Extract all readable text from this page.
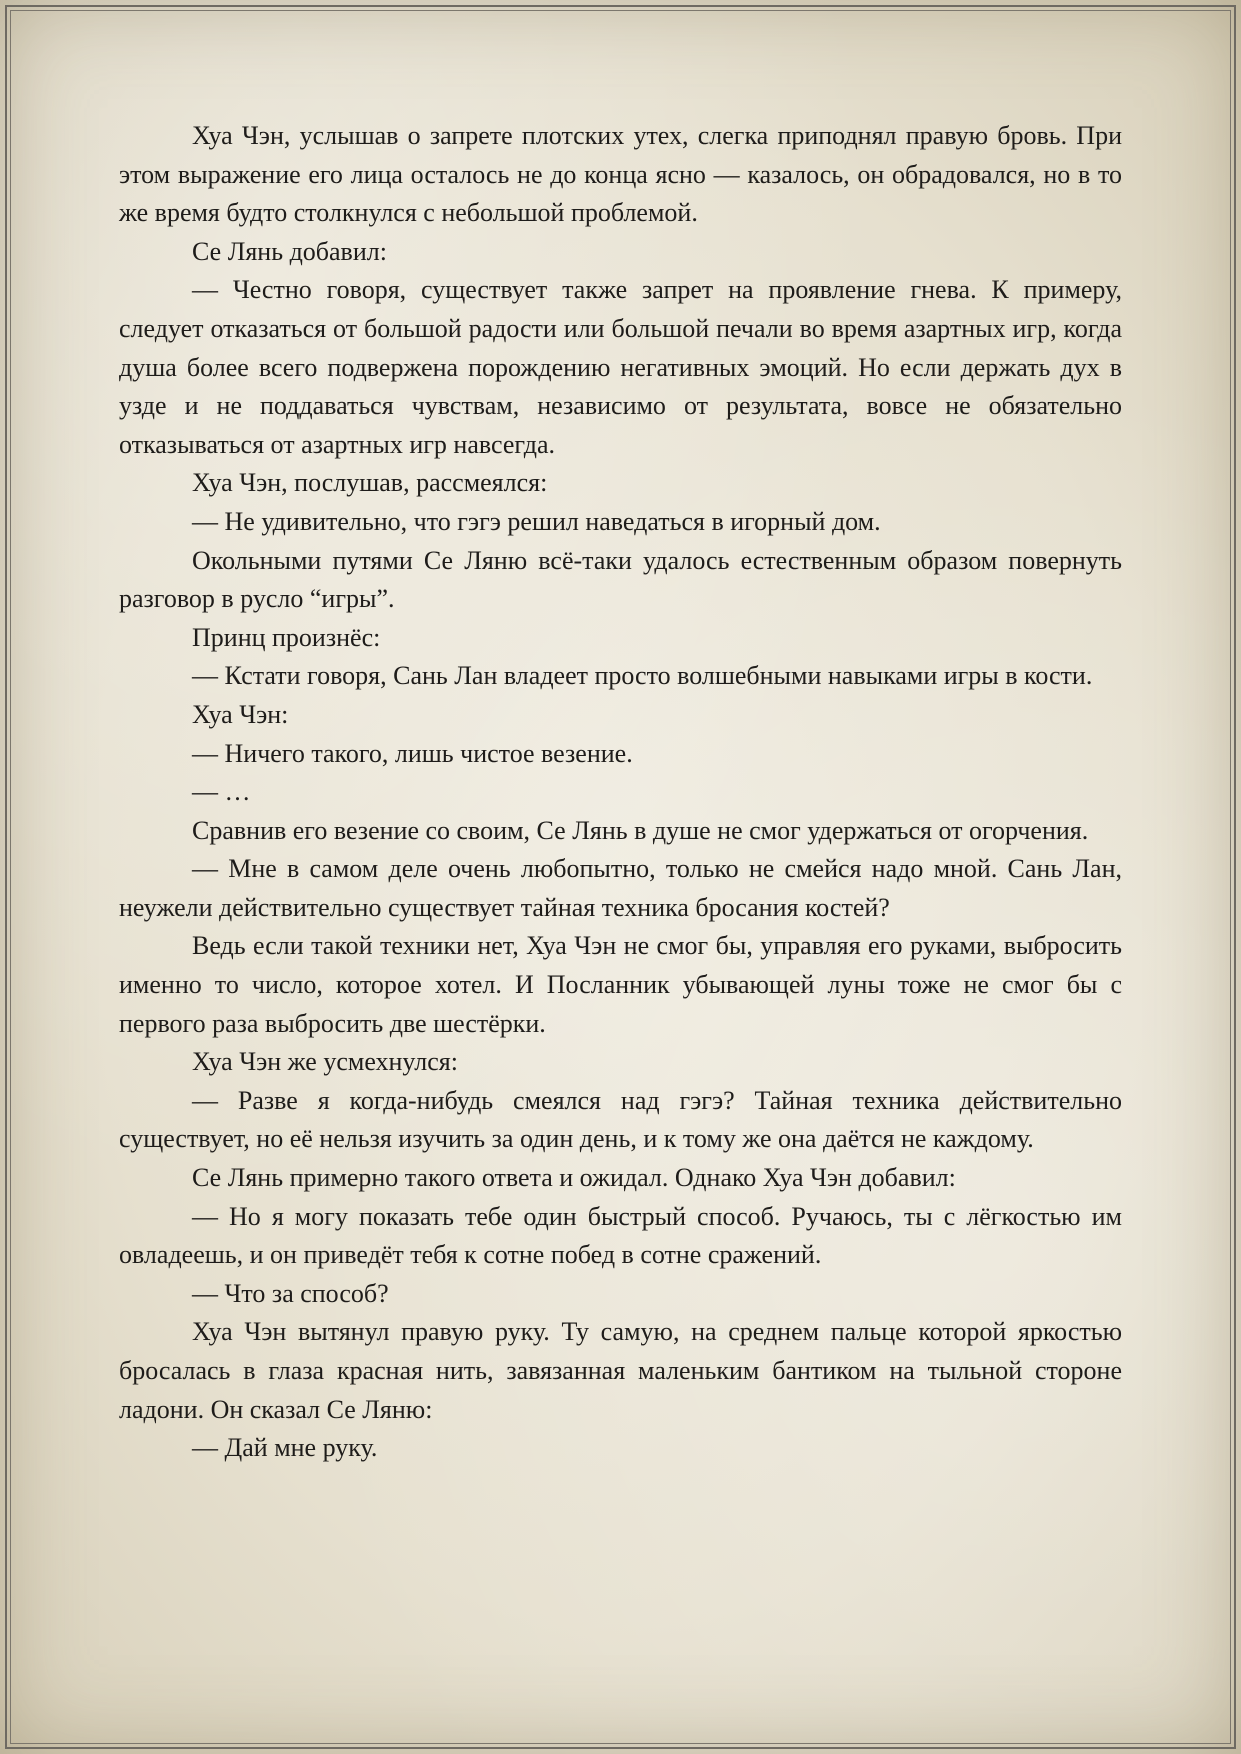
Хуа Чэн, услышав о запрете плотских утех, слегка приподнял правую бровь. При этом выражение его лица осталось не до конца ясно — казалось, он обрадовался, но в то же время будто столкнулся с небольшой проблемой.

Се Лянь добавил:

— Честно говоря, существует также запрет на проявление гнева. К примеру, следует отказаться от большой радости или большой печали во время азартных игр, когда душа более всего подвержена порождению негативных эмоций. Но если держать дух в узде и не поддаваться чувствам, независимо от результата, вовсе не обязательно отказываться от азартных игр навсегда.

Хуа Чэн, послушав, рассмеялся:

— Не удивительно, что гэгэ решил наведаться в игорный дом.

Окольными путями Се Ляню всё-таки удалось естественным образом повернуть разговор в русло “игры”.

Принц произнёс:

— Кстати говоря, Сань Лан владеет просто волшебными навыками игры в кости.

Хуа Чэн:

— Ничего такого, лишь чистое везение.

— …

Сравнив его везение со своим, Се Лянь в душе не смог удержаться от огорчения.

— Мне в самом деле очень любопытно, только не смейся надо мной. Сань Лан, неужели действительно существует тайная техника бросания костей?

Ведь если такой техники нет, Хуа Чэн не смог бы, управляя его руками, выбросить именно то число, которое хотел. И Посланник убывающей луны тоже не смог бы с первого раза выбросить две шестёрки.

Хуа Чэн же усмехнулся:

— Разве я когда-нибудь смеялся над гэгэ? Тайная техника действительно существует, но её нельзя изучить за один день, и к тому же она даётся не каждому.

Се Лянь примерно такого ответа и ожидал. Однако Хуа Чэн добавил:

— Но я могу показать тебе один быстрый способ. Ручаюсь, ты с лёгкостью им овладеешь, и он приведёт тебя к сотне побед в сотне сражений.

— Что за способ?

Хуа Чэн вытянул правую руку. Ту самую, на среднем пальце которой яркостью бросалась в глаза красная нить, завязанная маленьким бантиком на тыльной стороне ладони. Он сказал Се Ляню:

— Дай мне руку.
